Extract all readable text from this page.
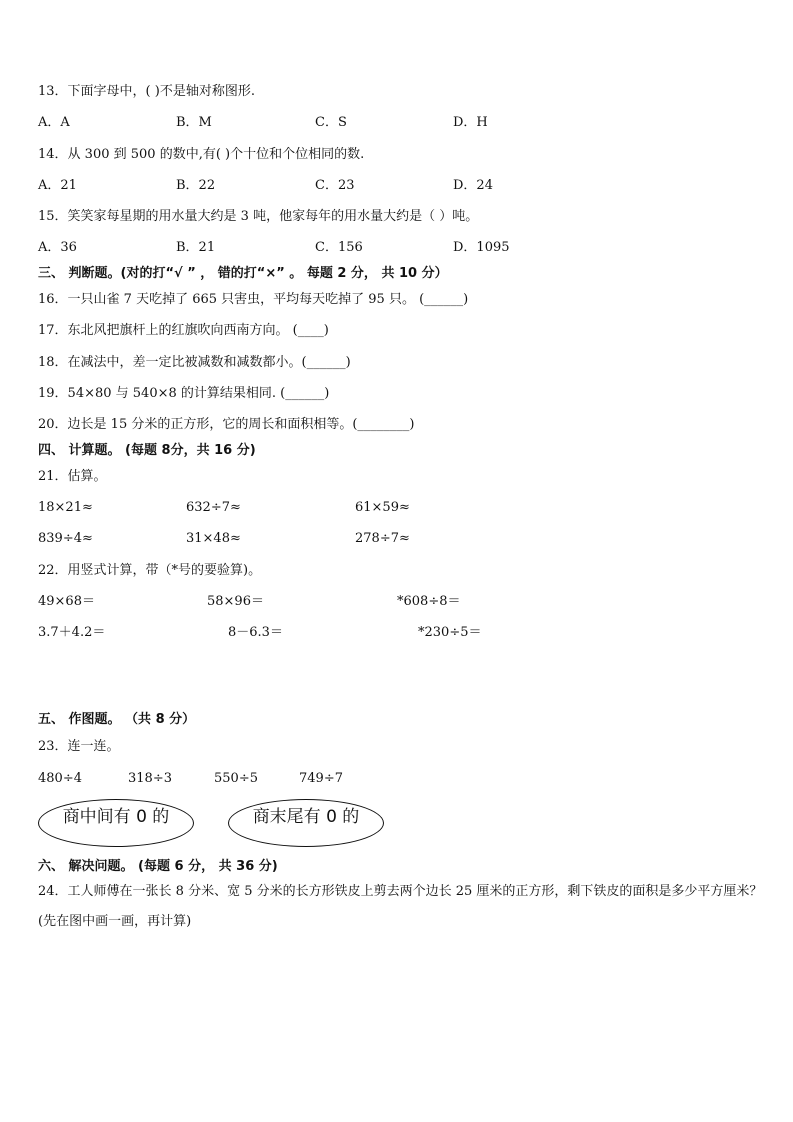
13．下面字母中，( )不是轴对称图形.
A．A	B．M	C．S	D．H
14．从 300 到 500 的数中,有( )个十位和个位相同的数.
A．21	B．22	C．23	D．24
15．笑笑家每星期的用水量大约是 3 吨，他家每年的用水量大约是（ ）吨。
A．36	B．21	C．156	D．1095
三、 判断题。(对的打“√ ” ， 错的打“×” 。 每题 2 分， 共 10 分）
16．一只山雀 7 天吃掉了 665 只害虫，平均每天吃掉了 95 只。 (______)
17．东北风把旗杆上的红旗吹向西南方向。 (____)
18．在减法中，差一定比被减数和减数都小。(______)
19．54×80 与 540×8 的计算结果相同. (______)
20．边长是 15 分米的正方形，它的周长和面积相等。(________)
四、 计算题。 (每题 8分，共 16 分)
21．估算。
18×21≈	632÷7≈	61×59≈
839÷4≈	31×48≈	278÷7≈
22．用竖式计算，带（*号的要验算)。
49×68＝	58×96＝	*608÷8＝
3.7＋4.2＝	8－6.3＝	*230÷5＝
五、 作图题。 （共 8 分）
23．连一连。
480÷4	318÷3	550÷5	749÷7
商中间有 0 的	商末尾有 0 的
六、 解决问题。 (每题 6 分， 共 36 分)
24．工人师傅在一张长 8 分米、宽 5 分米的长方形铁皮上剪去两个边长 25 厘米的正方形，剩下铁皮的面积是多少平方厘米？(先在图中画一画，再计算)
